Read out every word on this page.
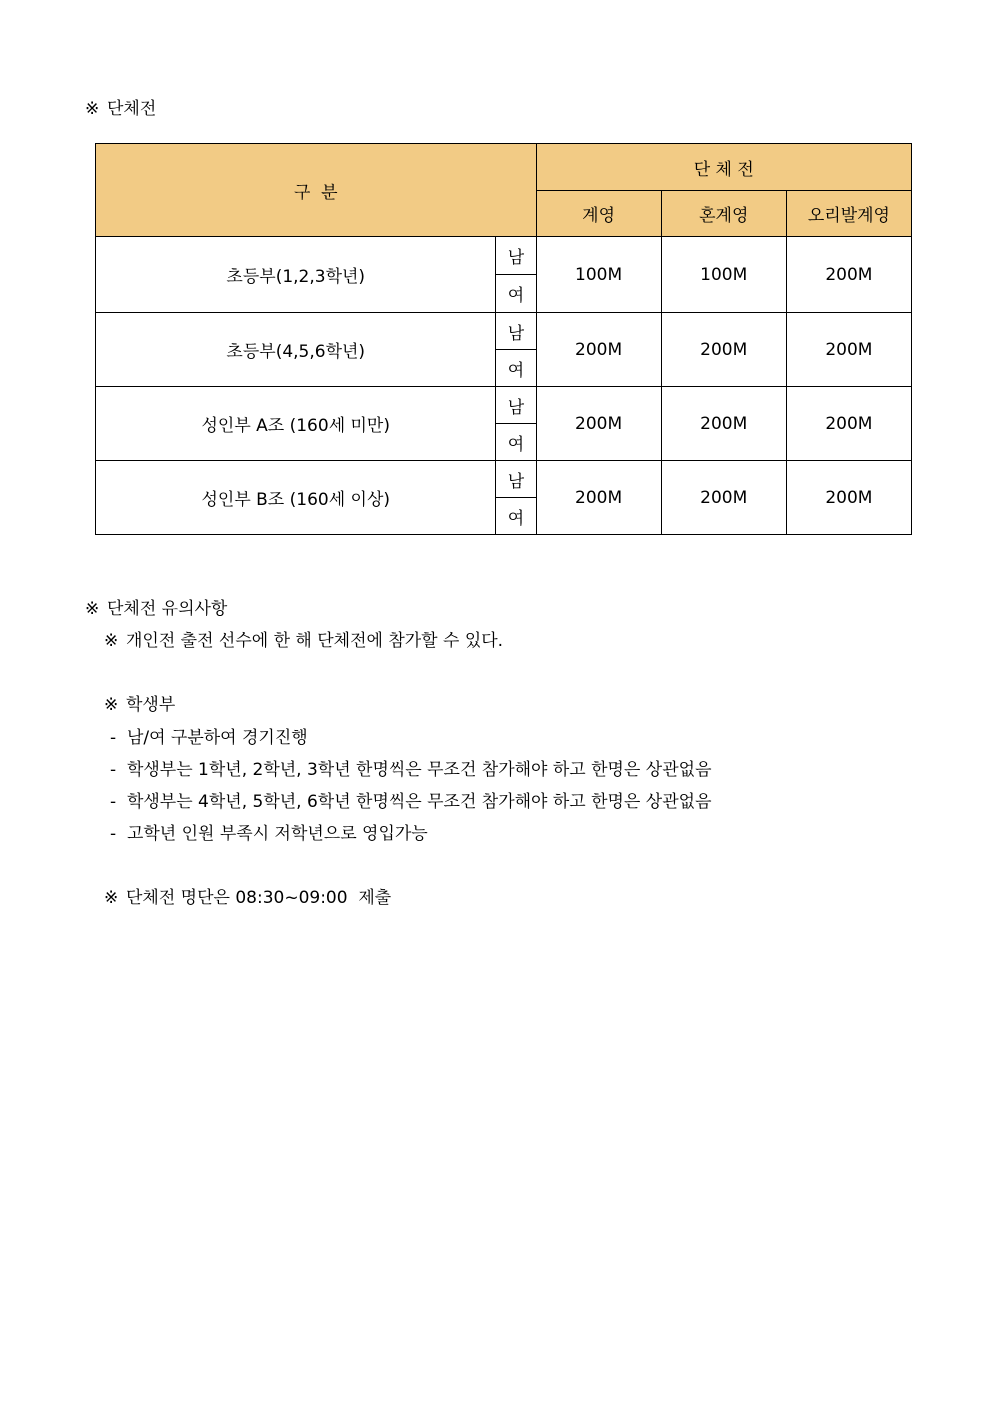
※ 단체전
구  분		단 체 전		
		계영	혼계영	오리발계영
초등부(1,2,3학년)	남	100M	100M	200M
	여			
초등부(4,5,6학년)	남	200M	200M	200M
	여			
성인부 A조 (160세 미만)	남	200M	200M	200M
	여			
성인부 B조 (160세 이상)	남	200M	200M	200M
	여			
※ 단체전 유의사항
※ 개인전 출전 선수에 한 해 단체전에 참가할 수 있다.
※ 학생부
-  남/여 구분하여 경기진행
-  학생부는 1학년, 2학년, 3학년 한명씩은 무조건 참가해야 하고 한명은 상관없음
-  학생부는 4학년, 5학년, 6학년 한명씩은 무조건 참가해야 하고 한명은 상관없음
-  고학년 인원 부족시 저학년으로 영입가능
※ 단체전 명단은 08:30~09:00  제출
